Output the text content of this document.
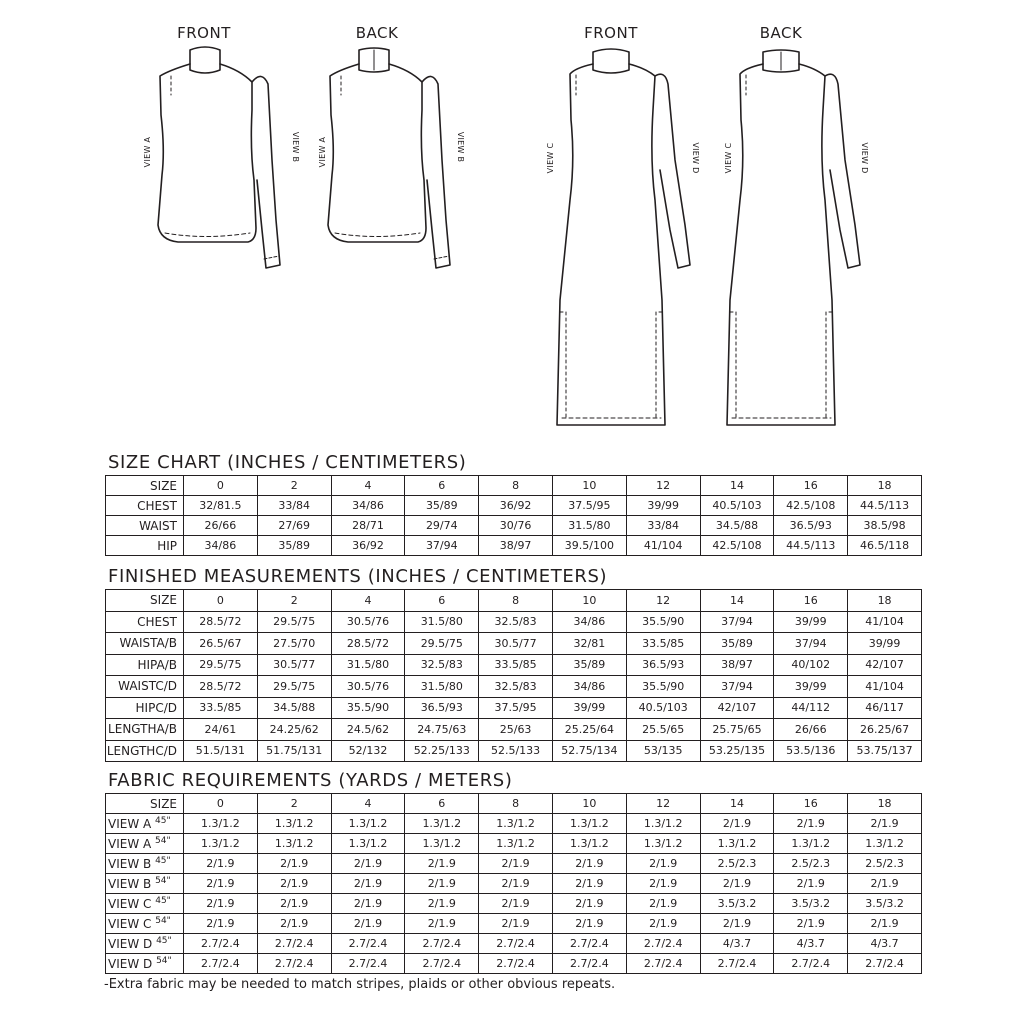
FRONT	BACK	FRONT	BACK
VIEW A	VIEW B VIEW A	VIEW B	VIEW C	VIEW D	VIEW C	VIEW D
SIZE CHART (INCHES / CENTIMETERS)
SIZE	0	2	4	6	8	10	12	14	16	18
CHEST	32/81.5	33/84	34/86	35/89	36/92	37.5/95	39/99	40.5/103	42.5/108	44.5/113
WAIST	26/66	27/69	28/71	29/74	30/76	31.5/80	33/84	34.5/88	36.5/93	38.5/98
HIP	34/86	35/89	36/92	37/94	38/97	39.5/100	41/104	42.5/108	44.5/113	46.5/118
FINISHED MEASUREMENTS (INCHES / CENTIMETERS)
SIZE	0	2	4	6	8	10	12	14	16	18
CHEST	28.5/72	29.5/75	30.5/76	31.5/80	32.5/83	34/86	35.5/90	37/94	39/99	41/104
WAISTA/B	26.5/67	27.5/70	28.5/72	29.5/75	30.5/77	32/81	33.5/85	35/89	37/94	39/99
HIPA/B	29.5/75	30.5/77	31.5/80	32.5/83	33.5/85	35/89	36.5/93	38/97	40/102	42/107
WAISTC/D	28.5/72	29.5/75	30.5/76	31.5/80	32.5/83	34/86	35.5/90	37/94	39/99	41/104
HIPC/D	33.5/85	34.5/88	35.5/90	36.5/93	37.5/95	39/99	40.5/103	42/107	44/112	46/117
LENGTHA/B	24/61	24.25/62	24.5/62	24.75/63	25/63	25.25/64	25.5/65	25.75/65	26/66	26.25/67
LENGTHC/D	51.5/131	51.75/131	52/132	52.25/133	52.5/133	52.75/134	53/135	53.25/135	53.5/136	53.75/137
FABRIC REQUIREMENTS (YARDS / METERS)
SIZE	0	2	4	6	8	10	12	14	16	18
VIEW A $^{45"}$	1.3/1.2	1.3/1.2	1.3/1.2	1.3/1.2	1.3/1.2	1.3/1.2	1.3/1.2	2/1.9	2/1.9	2/1.9
VIEW A $^{54"}$	1.3/1.2	1.3/1.2	1.3/1.2	1.3/1.2	1.3/1.2	1.3/1.2	1.3/1.2	1.3/1.2	1.3/1.2	1.3/1.2
VIEW B $^{45"}$	2/1.9	2/1.9	2/1.9	2/1.9	2/1.9	2/1.9	2/1.9	2.5/2.3	2.5/2.3	2.5/2.3
VIEW B $^{54"}$	2/1.9	2/1.9	2/1.9	2/1.9	2/1.9	2/1.9	2/1.9	2/1.9	2/1.9	2/1.9
VIEW C $^{45"}$	2/1.9	2/1.9	2/1.9	2/1.9	2/1.9	2/1.9	2/1.9	3.5/3.2	3.5/3.2	3.5/3.2
VIEW C $^{54"}$	2/1.9	2/1.9	2/1.9	2/1.9	2/1.9	2/1.9	2/1.9	2/1.9	2/1.9	2/1.9
VIEW D $^{45"}$	2.7/2.4	2.7/2.4	2.7/2.4	2.7/2.4	2.7/2.4	2.7/2.4	2.7/2.4	4/3.7	4/3.7	4/3.7
VIEW D $^{54"}$	2.7/2.4	2.7/2.4	2.7/2.4	2.7/2.4	2.7/2.4	2.7/2.4	2.7/2.4	2.7/2.4	2.7/2.4	2.7/2.4
-Extra fabric may be needed to match stripes, plaids or other obvious repeats.
